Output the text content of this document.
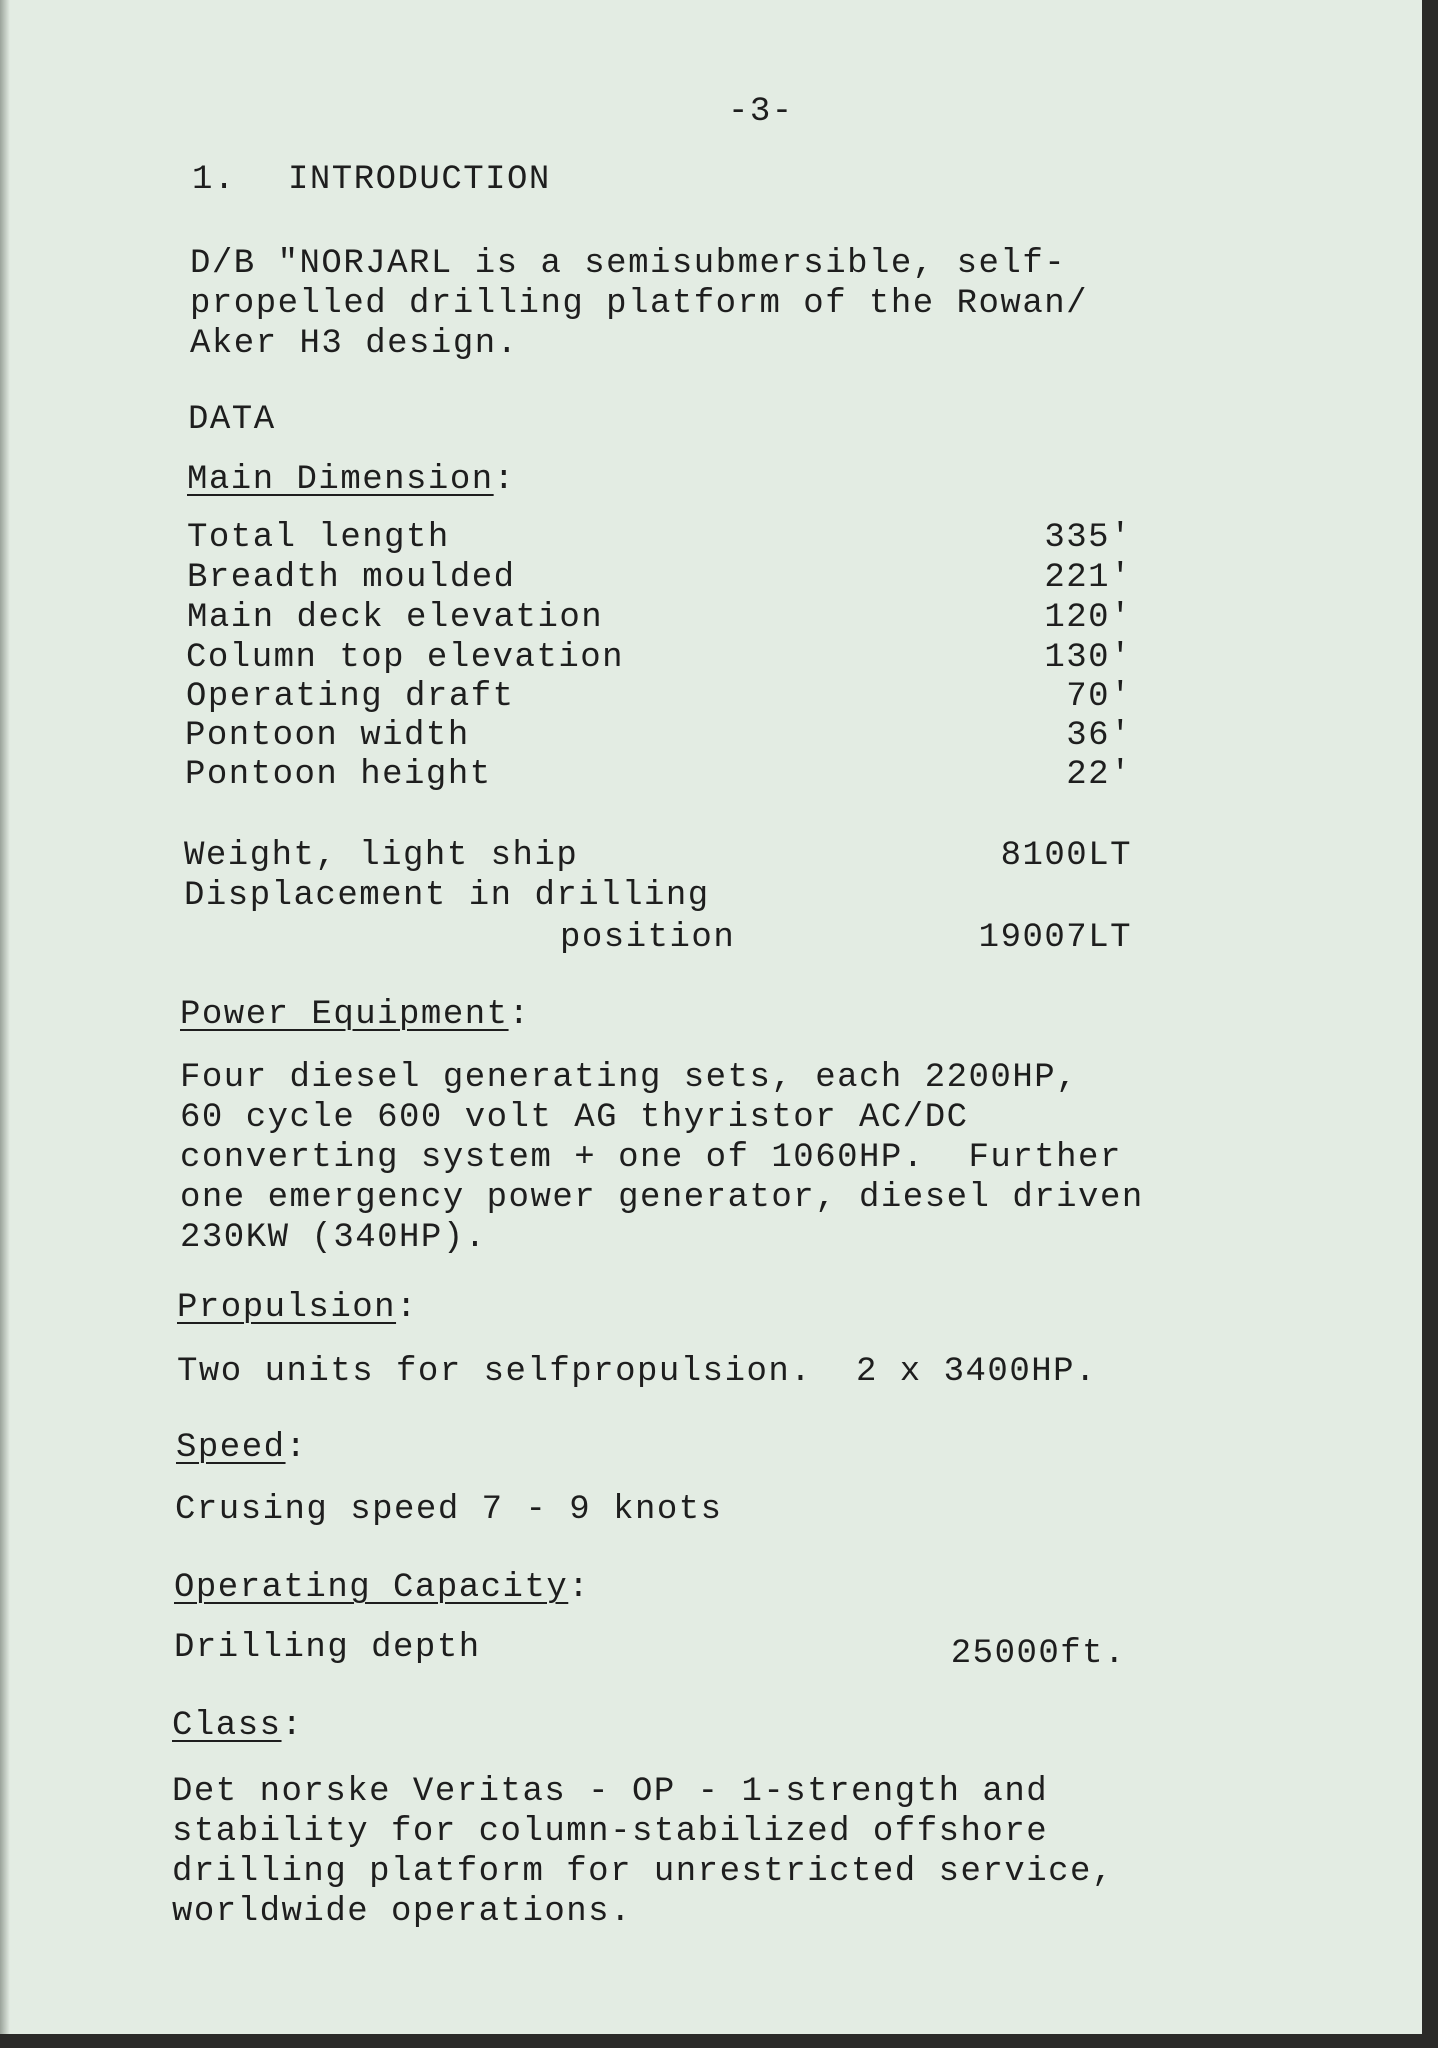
-3-
1. INTRODUCTION
D/B "NORJARL is a semisubmersible, self-
propelled drilling platform of the Rowan/
Aker H3 design.
DATA
Main Dimension:
Total length	335'
Breadth moulded	221'
Main deck elevation	120'
Column top elevation	130'
Operating draft	70'
Pontoon width	36'
Pontoon height	22'
Weight, light ship	8100LT
Displacement in drilling
position	19007LT
Power Equipment:
Four diesel generating sets, each 2200HP,
60 cycle 600 volt AG thyristor AC/DC
converting system + one of 1060HP.  Further
one emergency power generator, diesel driven
230KW (340HP).
Propulsion:
Two units for selfpropulsion.  2 x 3400HP.
Speed:
Crusing speed 7 - 9 knots
Operating Capacity:
Drilling depth	25000ft.
Class:
Det norske Veritas - OP - 1-strength and
stability for column-stabilized offshore
drilling platform for unrestricted service,
worldwide operations.
